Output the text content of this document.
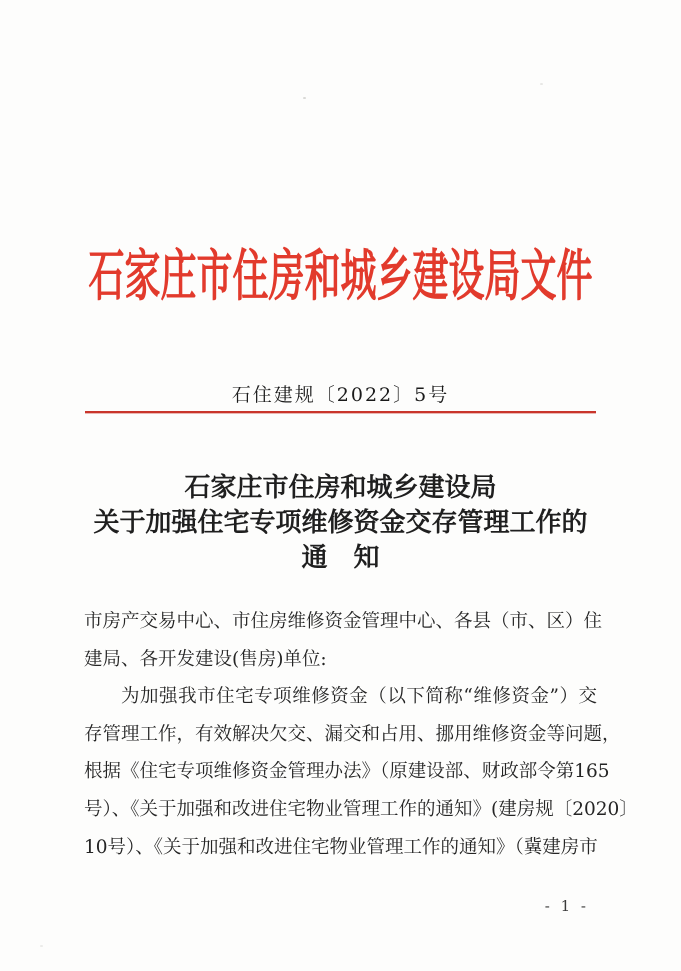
石家庄市住房和城乡建设局文件
石住建规〔2022〕5号
石家庄市住房和城乡建设局
关于加强住宅专项维修资金交存管理工作的
通　知
市房产交易中心、市住房维修资金管理中心、各县（市、区）住
建局、各开发建设(售房)单位:
为加强我市住宅专项维修资金（以下简称“维修资金”）交
存管理工作，有效解决欠交、漏交和占用、挪用维修资金等问题，
根据《住宅专项维修资金管理办法》（原建设部、财政部令第165
号）、《关于加强和改进住宅物业管理工作的通知》(建房规〔2020〕
10号）、《关于加强和改进住宅物业管理工作的通知》（冀建房市
- 1 -
